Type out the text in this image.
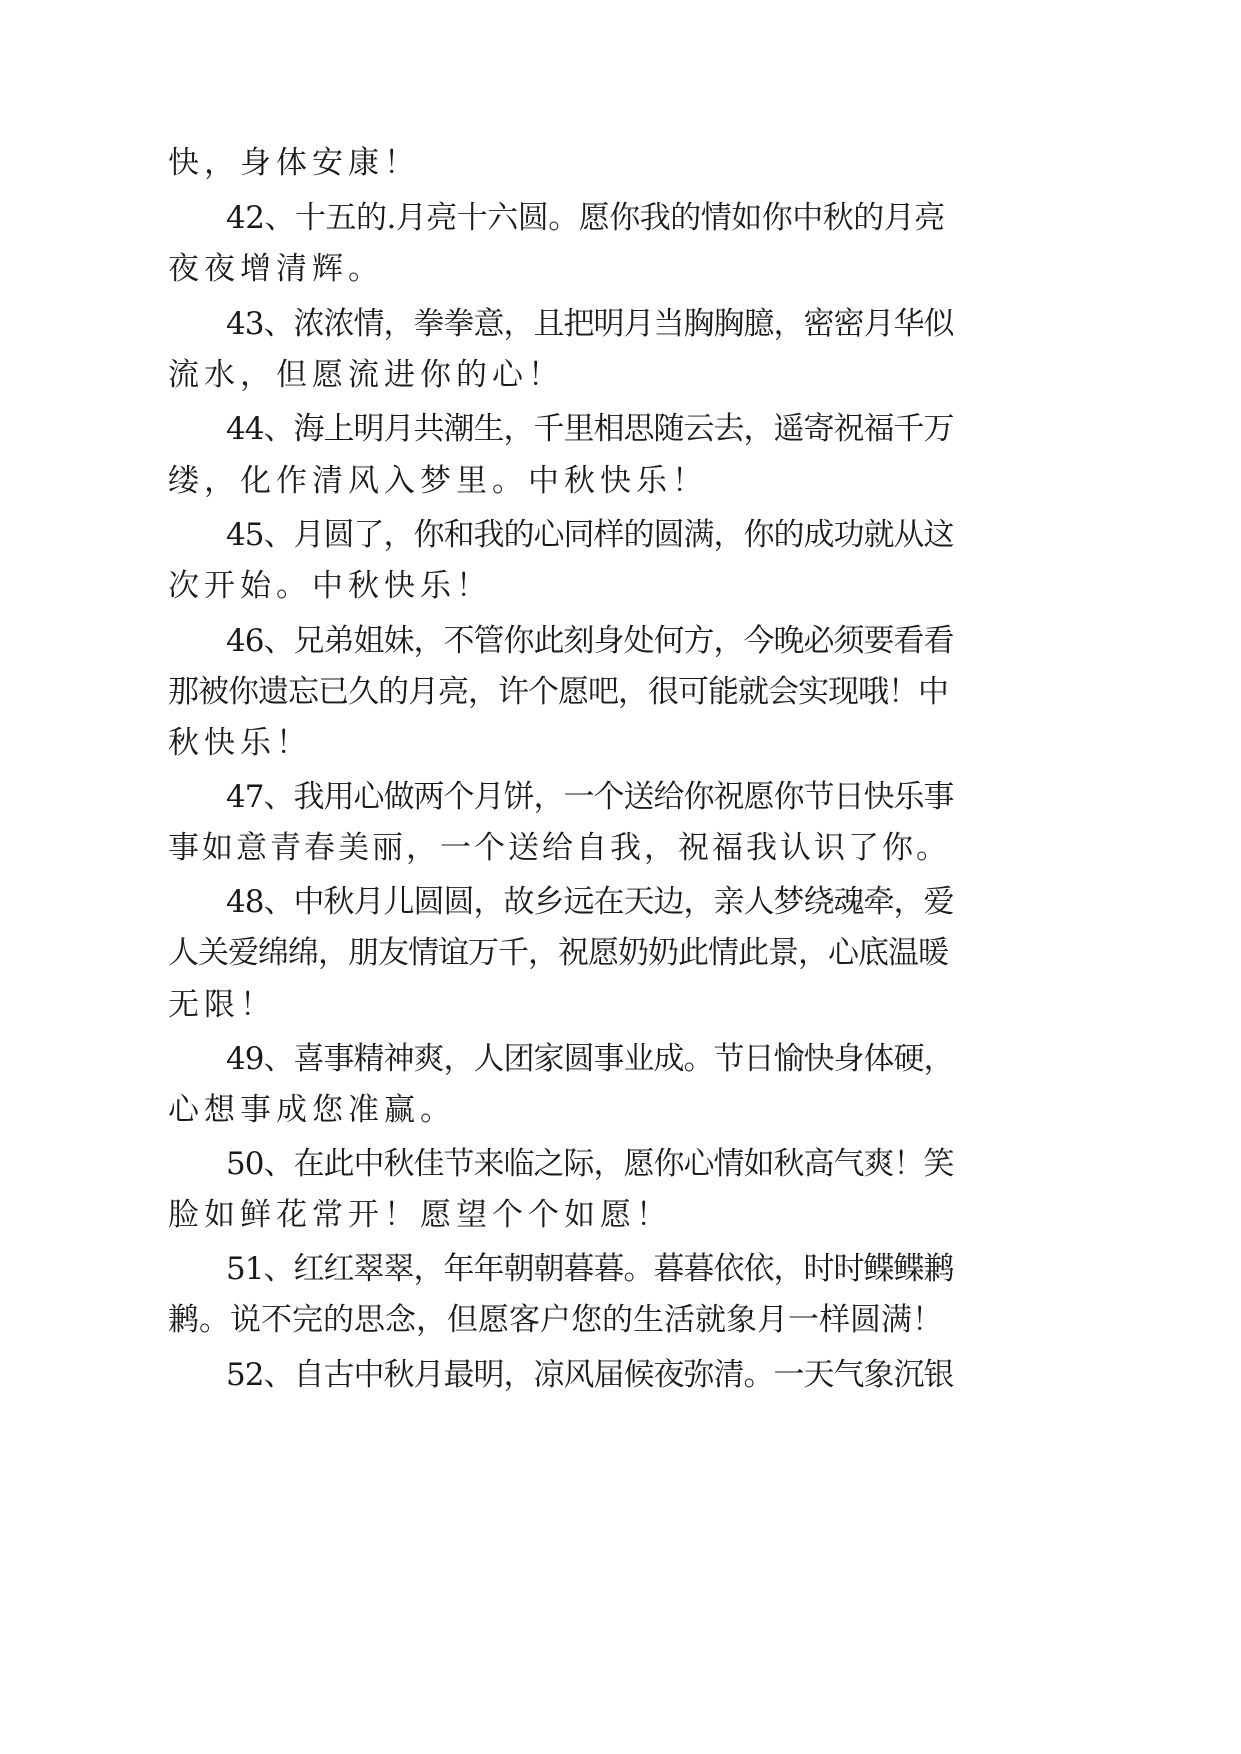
快，身体安康！
42、十五的.月亮十六圆。愿你我的情如你中秋的月亮
夜夜增清辉。
43、浓浓情，拳拳意，且把明月当胸胸臆，密密月华似
流水，但愿流进你的心！
44、海上明月共潮生，千里相思随云去，遥寄祝福千万
缕，化作清风入梦里。中秋快乐！
45、月圆了，你和我的心同样的圆满，你的成功就从这
次开始。中秋快乐！
46、兄弟姐妹，不管你此刻身处何方，今晚必须要看看
那被你遗忘已久的月亮，许个愿吧，很可能就会实现哦！中
秋快乐！
47、我用心做两个月饼，一个送给你祝愿你节日快乐事
事如意青春美丽，一个送给自我，祝福我认识了你。
48、中秋月儿圆圆，故乡远在天边，亲人梦绕魂牵，爱
人关爱绵绵，朋友情谊万千，祝愿奶奶此情此景，心底温暖
无限！
49、喜事精神爽，人团家圆事业成。节日愉快身体硬，
心想事成您准赢。
50、在此中秋佳节来临之际，愿你心情如秋高气爽！笑
脸如鲜花常开！愿望个个如愿！
51、红红翠翠，年年朝朝暮暮。暮暮依依，时时鲽鲽鹣
鹣。说不完的思念，但愿客户您的生活就象月一样圆满！
52、自古中秋月最明，凉风届候夜弥清。一天气象沉银
